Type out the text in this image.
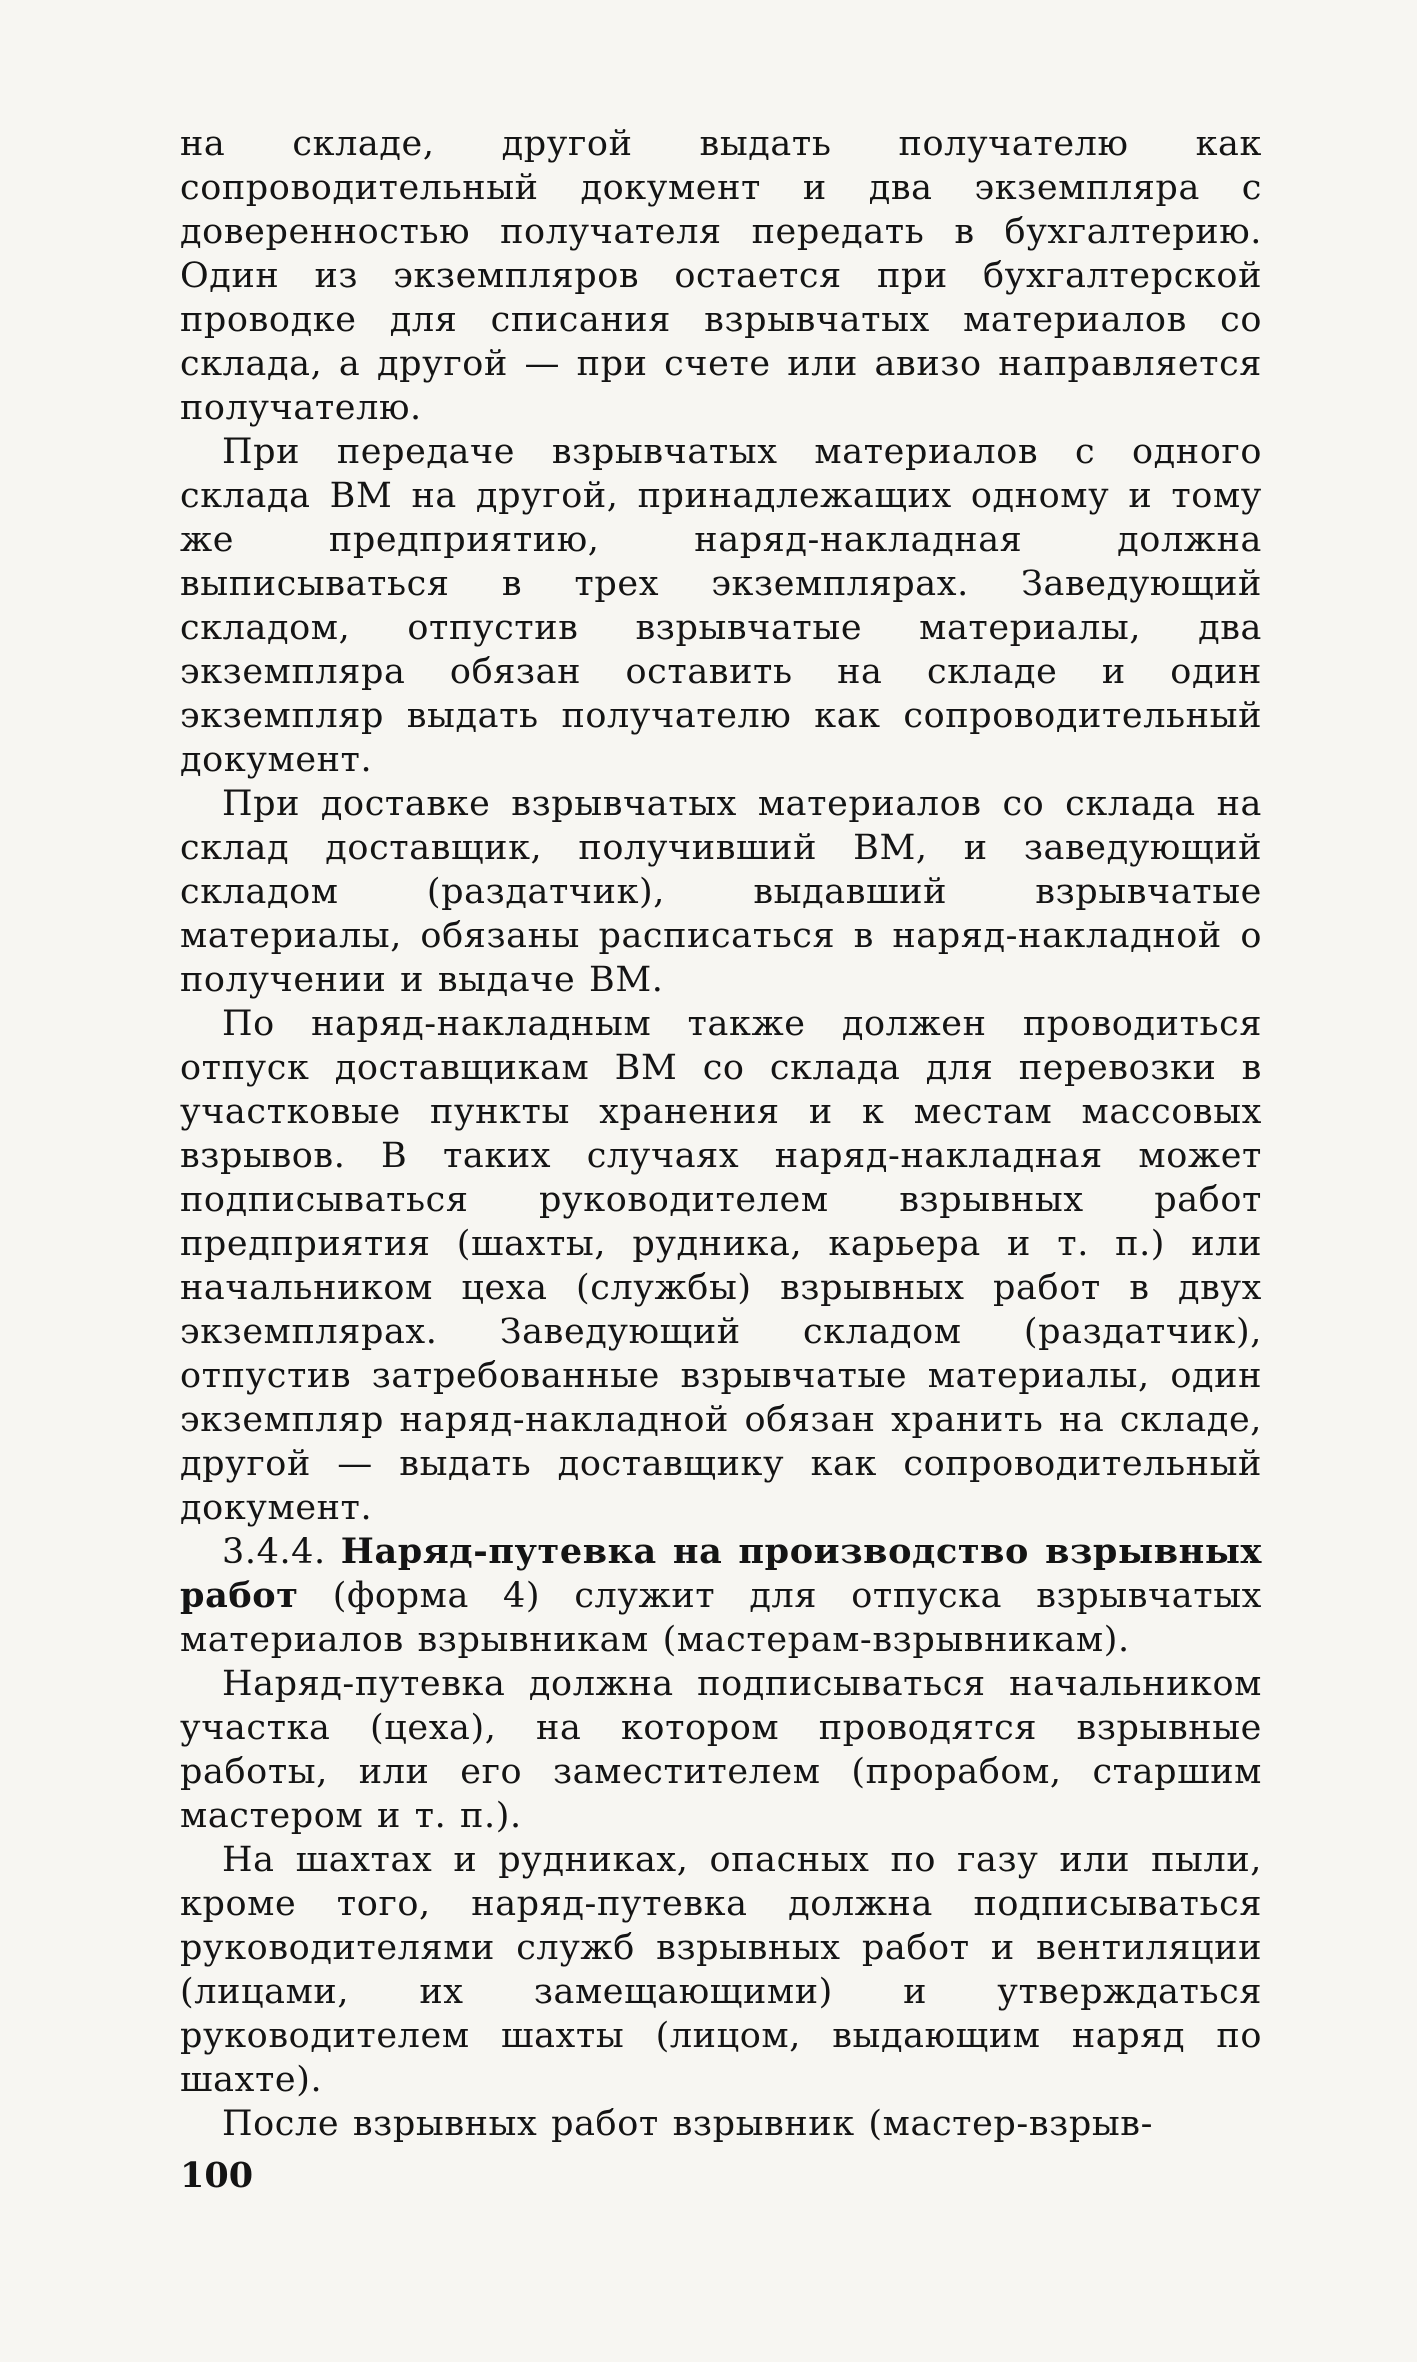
на складе, другой выдать получателю как сопроводительный документ и два экземпляра с доверенностью получателя передать в бухгалтерию. Один из экземпляров остается при бухгалтерской проводке для списания взрывчатых материалов со склада, а другой — при счете или авизо направляется получателю.

При передаче взрывчатых материалов с одного склада ВМ на другой, принадлежащих одному и тому же предприятию, наряд-накладная должна выписываться в трех экземплярах. Заведующий складом, отпустив взрывчатые материалы, два экземпляра обязан оставить на складе и один экземпляр выдать получателю как сопроводительный документ.

При доставке взрывчатых материалов со склада на склад доставщик, получивший ВМ, и заведующий складом (раздатчик), выдавший взрывчатые материалы, обязаны расписаться в наряд-накладной о получении и выдаче ВМ.

По наряд-накладным также должен проводиться отпуск доставщикам ВМ со склада для перевозки в участковые пункты хранения и к местам массовых взрывов. В таких случаях наряд-накладная может подписываться руководителем взрывных работ предприятия (шахты, рудника, карьера и т. п.) или начальником цеха (службы) взрывных работ в двух экземплярах. Заведующий складом (раздатчик), отпустив затребованные взрывчатые материалы, один экземпляр наряд-накладной обязан хранить на складе, другой — выдать доставщику как сопроводительный документ.

3.4.4. Наряд-путевка на производство взрывных работ (форма 4) служит для отпуска взрывчатых материалов взрывникам (мастерам-взрывникам).

Наряд-путевка должна подписываться начальником участка (цеха), на котором проводятся взрывные работы, или его заместителем (прорабом, старшим мастером и т. п.).

На шахтах и рудниках, опасных по газу или пыли, кроме того, наряд-путевка должна подписываться руководителями служб взрывных работ и вентиляции (лицами, их замещающими) и утверждаться руководителем шахты (лицом, выдающим наряд по шахте).

После взрывных работ взрывник (мастер-взрыв-

100
